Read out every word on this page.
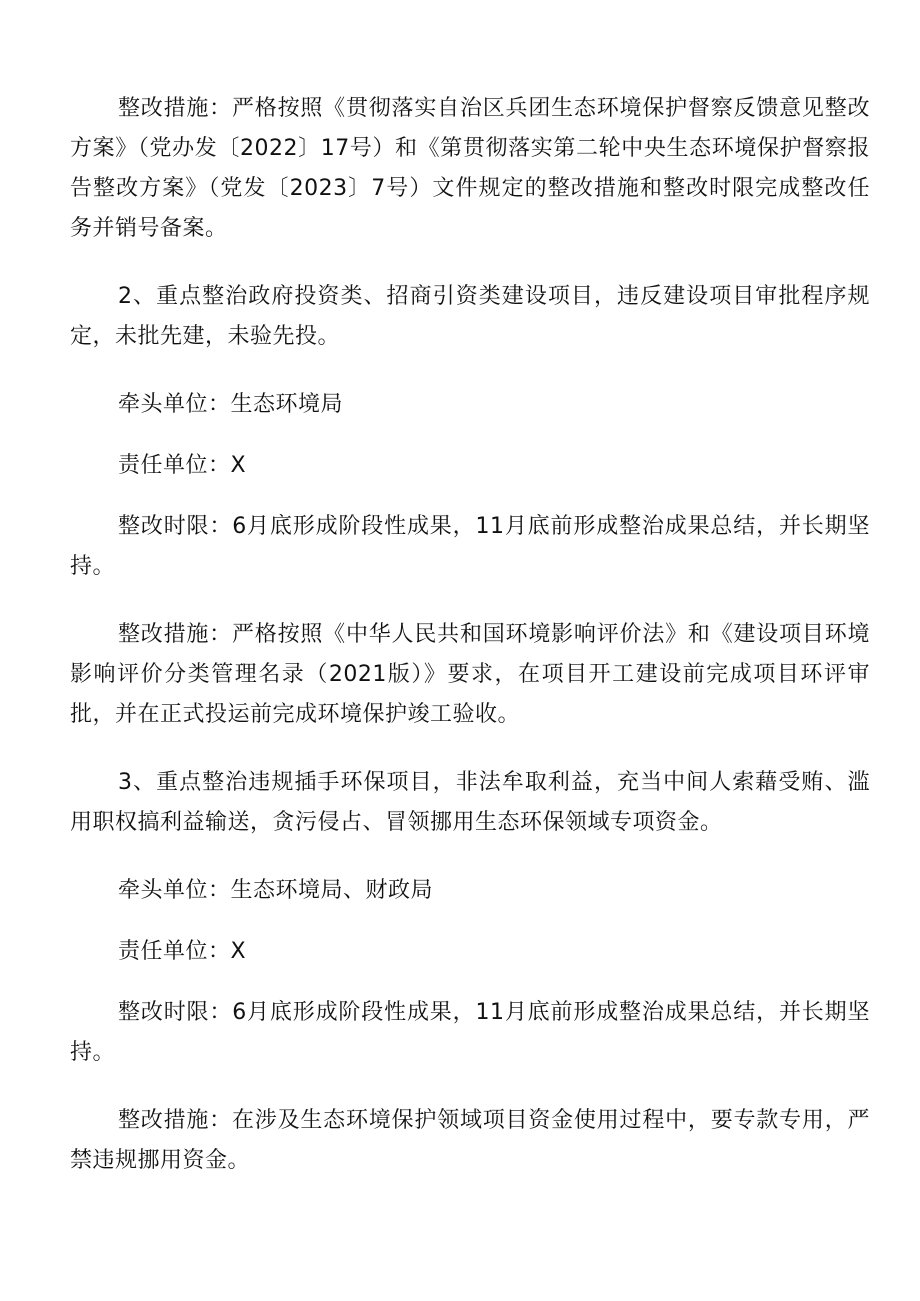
整改措施：严格按照《贯彻落实自治区兵团生态环境保护督察反馈意见整改方案》（党办发〔2022〕17号）和《第贯彻落实第二轮中央生态环境保护督察报告整改方案》（党发〔2023〕7号）文件规定的整改措施和整改时限完成整改任务并销号备案。

2、重点整治政府投资类、招商引资类建设项目，违反建设项目审批程序规定，未批先建，未验先投。

牵头单位：生态环境局

责任单位：X

整改时限：6月底形成阶段性成果，11月底前形成整治成果总结，并长期坚持。

整改措施：严格按照《中华人民共和国环境影响评价法》和《建设项目环境影响评价分类管理名录（2021版）》要求，在项目开工建设前完成项目环评审批，并在正式投运前完成环境保护竣工验收。

3、重点整治违规插手环保项目，非法牟取利益，充当中间人索藉受贿、滥用职权搞利益输送，贪污侵占、冒领挪用生态环保领域专项资金。

牵头单位：生态环境局、财政局

责任单位：X

整改时限：6月底形成阶段性成果，11月底前形成整治成果总结，并长期坚持。

整改措施：在涉及生态环境保护领域项目资金使用过程中，要专款专用，严禁违规挪用资金。
